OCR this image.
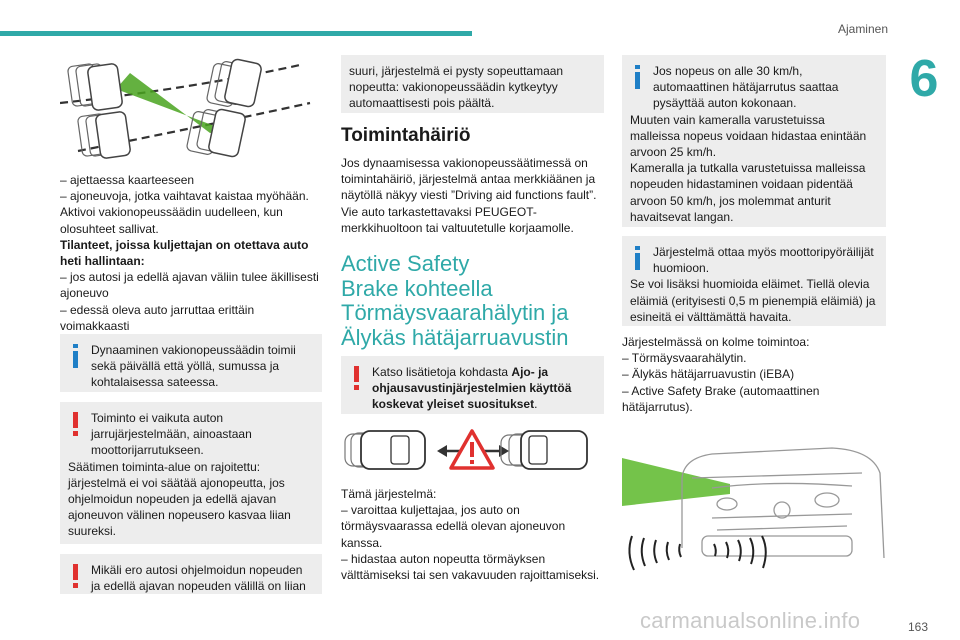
Ajaminen
6

– ajettaessa kaarteeseen

– ajoneuvoja, jotka vaihtavat kaistaa myöhään.

Aktivoi vakionopeussäädin uudelleen, kun olosuhteet sallivat.

Tilanteet, joissa kuljettajan on otettava auto heti hallintaan:

– jos autosi ja edellä ajavan väliin tulee äkillisesti ajoneuvo

– edessä oleva auto jarruttaa erittäin voimakkaasti

Dynaaminen vakionopeussäädin toimii sekä päivällä että yöllä, sumussa ja kohtalaisessa sateessa.

Toiminto ei vaikuta auton jarrujärjestelmään, ainoastaan moottorijarrutukseen.

Säätimen toiminta-alue on rajoitettu: järjestelmä ei voi säätää ajonopeutta, jos ohjelmoidun nopeuden ja edellä ajavan ajoneuvon välinen nopeusero kasvaa liian suureksi.

Mikäli ero autosi ohjelmoidun nopeuden ja edellä ajavan nopeuden välillä on liian

suuri, järjestelmä ei pysty sopeuttamaan nopeutta: vakionopeussäädin kytkeytyy automaattisesti pois päältä.

Toimintahäiriö
Jos dynaamisessa vakionopeussäätimessä on toimintahäiriö, järjestelmä antaa merkkiäänen ja näytöllä näkyy viesti ”Driving aid functions fault”. Vie auto tarkastettavaksi PEUGEOT-merkkihuoltoon tai valtuutetulle korjaamolle.
Active Safety
Brake kohteella
Törmäysvaarahälytin ja
Älykäs hätäjarruavustin

Katso lisätietoja kohdasta Ajo- ja ohjausavustinjärjestelmien käyttöä koskevat yleiset suositukset.

Tämä järjestelmä:

– varoittaa kuljettajaa, jos auto on törmäysvaarassa edellä olevan ajoneuvon kanssa.

– hidastaa auton nopeutta törmäyksen välttämiseksi tai sen vakavuuden rajoittamiseksi.

Jos nopeus on alle 30 km/h, automaattinen hätäjarrutus saattaa pysäyttää auton kokonaan.

Muuten vain kameralla varustetuissa malleissa nopeus voidaan hidastaa enintään arvoon 25 km/h.

Kameralla ja tutkalla varustetuissa malleissa nopeuden hidastaminen voidaan pidentää arvoon 50 km/h, jos molemmat anturit havaitsevat langan.

Järjestelmä ottaa myös moottoripyöräilijät huomioon.

Se voi lisäksi huomioida eläimet. Tiellä olevia eläimiä (erityisesti 0,5 m pienempiä eläimiä) ja esineitä ei välttämättä havaita.

Järjestelmässä on kolme toimintoa:

– Törmäysvaarahälytin.

– Älykäs hätäjarruavustin (iEBA)

– Active Safety Brake (automaattinen hätäjarrutus).

163
carmanualsonline.info
